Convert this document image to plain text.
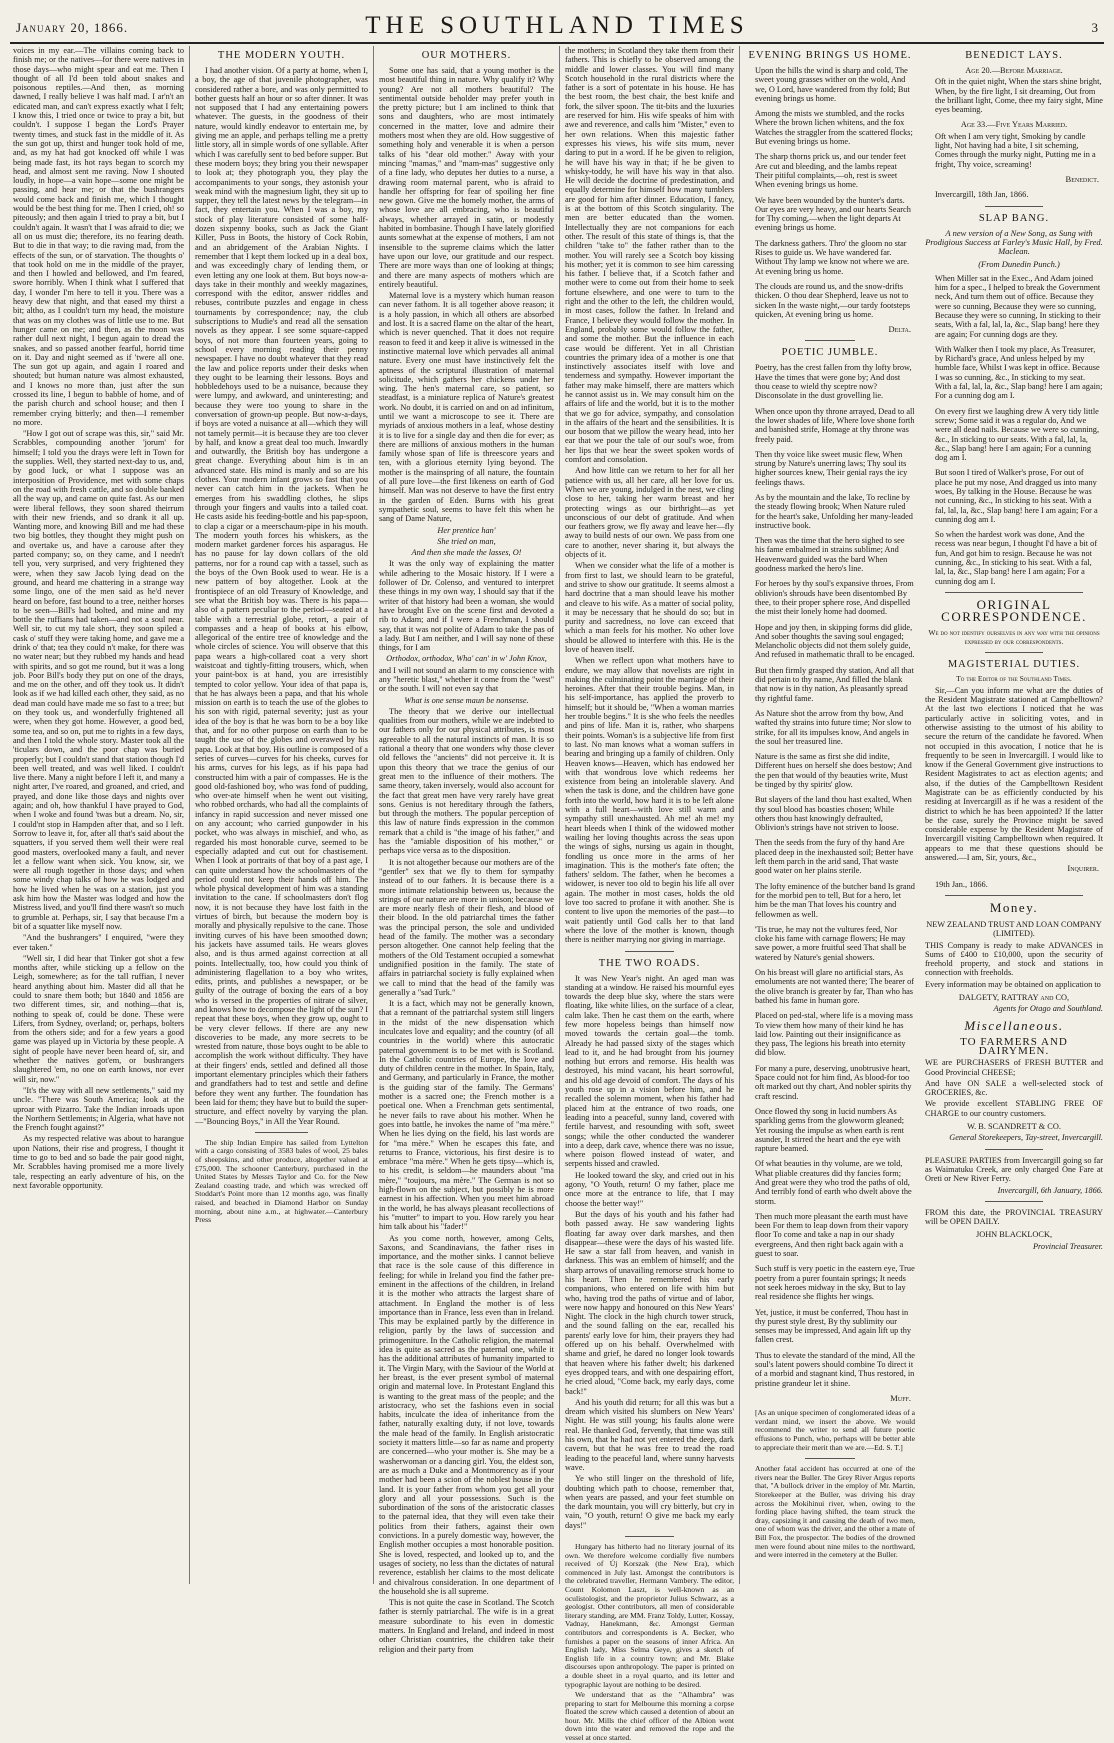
January 20, 1866.	THE SOUTHLAND TIMES	3

voices in my ear.—The villains coming back to finish me; or the natives—for there were natives in those days—who might spear and eat me. Then I thought of all I'd been told about snakes and poisonous reptiles.—And then, as morning dawned, I really believe I was half mad. I ar'n't an edicated man, and can't express exactly what I felt; I know this, I tried once or twice to pray a bit, but couldn't. I suppose I began the Lord's Prayer twenty times, and stuck fast in the middle of it. As the sun got up, thirst and hunger took hold of me, and, as my hat had got knocked off while I was being made fast, its hot rays began to scorch my head, and almost sent me raving. Now I shouted loudly, in hope—a vain hope—some one might be passing, and hear me; or that the bushrangers would come back and finish me, which I thought would be the best thing for me. Then I cried, oh! so piteously; and then again I tried to pray a bit, but I couldn't again. It wasn't that I was afraid to die; we all on us must die; therefore, its no fearing death. But to die in that way; to die raving mad, from the effects of the sun, or of starvation. The thoughts o' that took hold on me in the middle of the prayer, and then I howled and bellowed, and I'm feared, swore horribly. When I think what I suffered that day, I wonder I'm here to tell it you. There was a heavy dew that night, and that eased my thirst a bit; altho, as I couldn't turn my head, the moisture that was on my clothes was of little use to me. But hunger came on me; and then, as the moon was rather dull next night, I begun again to dread the snakes, and so passed another fearful, horrid time on it. Day and night seemed as if 'twere all one. The sun got up again, and again I roared and shouted; but human nature was almost exhausted, and I knows no more than, just after the sun crossed its line, I begun to babble of home, and of the parish church and school house; and then I remember crying bitterly; and then—I remember no more.

"How I got out of scrape was this, sir," said Mr. Scrabbles, compounding another 'jorum' for himself; I told you the drays were left in Town for the supplies. Well, they started next-day to us, and, by good luck, or what I suppose was an interposition of Providence, met with some chaps on the road with fresh cattle, and so double banked all the way up, and came on quite fast. As our men were liberal fellows, they soon shared theirrum with their new friends, and so drank it all up. Wanting more, and knowing Bill and me had these two big bottles, they thought they might push on and overtake us, and have a carouse after they parted company; so, on they came, and I needn't tell you, very surprised, and very frightened they were, when they saw Jacob lying dead on the ground, and heard me chattering in a strange way some lingo, one of the men said as he'd never heard on before, fast bound to a tree, neither horses to be seen—Bill's had bolted, and mine and my bottle the ruffians had taken—and not a soul near. Well sir, to cut my tale short, they soon spiled a cask o' stuff they were taking home, and gave me a drink o' that; tea they could n't make, for there was no water near; but they rubbed my hands and head with spirits, and so got me round, but it was a long job. Poor Bill's body they put on one of the drays, and me on the other, and off they took us. It didn't look as if we had killed each other, they said, as no dead man could have made me so fast to a tree; but on they took us, and wonderfully frightened all were, when they got home. However, a good bed, some tea, and so on, put me to rights in a few days, and then I told the whole story. Master took all the 'ticulars down, and the poor chap was buried properly; but I couldn't stand that station though I'd been well treated, and was well liked. I couldn't live there. Many a night before I left it, and many a night arter, I've roared, and groaned, and cried, and prayed, and done like those days and nights over again; and oh, how thankful I have prayed to God, when I woke and found 'twas but a dream. No, sir, I could'nt stop in Hampden after that, and so I left. Sorrow to leave it, for, after all that's said about the squatters, if you served them well their were real good masters, overlooked many a fault, and never let a fellow want when sick. You know, sir, we were all rough together in those days; and when some windy chap talks of how he was lodged and how he lived when he was on a station, just you ask him how the Master was lodged and how the Mistress lived, and you'll find there wasn't so much to grumble at. Perhaps, sir, I say that because I'm a bit of a squatter like myself now.

"And the bushrangers" I enquired, "were they ever taken."

"Well sir, I did hear that Tinker got shot a few months after, while sticking up a fellow on the Leigh, somewhere; as for the tall ruffian, I never heard anything about him. Master did all that he could to snare them both; but 1840 and 1856 are two different times, sir, and nothing—that is, nothing to speak of, could be done. These were Lifers, from Sydney, overland; or, perhaps, bolters from the others side; and for a few years a good game was played up in Victoria by these people. A sight of people have never been heard of, sir, and whether the natives got'em, or bushrangers slaughtered 'em, no one on earth knows, nor ever will sir, now."

"It's the way with all new settlements," said my uncle. "There was South America; look at the uproar with Pizarro. Take the Indian inroads upon the Northern Settlements; in Algeria, what have not the French fought against?"

As my respected relative was about to harangue upon Nations, their rise and progress, I thought it time to go to bed and so bade the pair good night, Mr. Scrabbles having promised me a more lively tale, respecting an early adventure of his, on the next favorable opportunity.

THE MODERN YOUTH.

I had another vision. Of a party at home, when I, a boy, the age of that juvenile photographer, was considered rather a bore, and was only permitted to bother guests half an hour or so after dinner. It was not supposed that I had any entertaining powers whatever. The guests, in the goodness of their nature, would kindly endeavor to entertain me, by giving me an apple, and perhaps telling me a pretty little story, all in simple words of one syllable. After which I was carefully sent to bed before supper. But these modern boys; they bring you their newspaper to look at; they photograph you, they play the accompaniments to your songs, they astonish your weak mind with the magnesium light, they sit up to supper, they tell the latest news by the telegram—in fact, they entertain you. When I was a boy, my stock of play literature consisted of some half-dozen sixpenny books, such as Jack the Giant Killer, Puss in Boots, the history of Cock Robin, and an abridgement of the Arabian Nights. I remember that I kept them locked up in a deal box, and was exceedingly chary of lending them, or even letting any one look at them. But boys now-a-days take in their monthly and weekly magazines, correspond with the editor, answer riddles and rebuses, contribute puzzles and engage in chess tournaments by correspondence; nay, the club subscriptions to Mudie's and read all the sensation novels as they appear. I see some square-capped boys, of not more than fourteen years, going to school every morning reading their penny newspaper. I have no doubt whatever that they read the law and police reports under their desks when they ought to be learning their lessons. Boys and hobbledehoys used to be a nuisance, because they were lumpy, and awkward, and uninteresting; and because they were too young to share in the conversation of grown-up people. But now-a-days, if boys are voted a nuisance at all—which they will not tamely permit—it is because they are too clever by half, and know a great deal too much. Inwardly and outwardly, the British boy has undergone a great change. Everything about him is in an advanced state. His mind is manly and so are his clothes. Your modern infant grows so fast that you never can catch him in the jackets. When he emerges from his swaddling clothes, he slips through your fingers and vaults into a tailed coat. He casts aside his feeding-bottle and his pap-spoon, to clap a cigar or a meerschaum-pipe in his mouth. The modern youth forces his whiskers, as the modern market gardener forces his asparagus. He has no pause for lay down collars of the old patterns, nor for a round cap with a tassel, such as the boys of the Own Book used to wear. He is a new pattern of boy altogether. Look at the frontispiece of an old Treasury of Knowledge, and see what the British boy was. There is his papa—also of a pattern peculiar to the period—seated at a table with a terrestrial globe, retort, a pair of compasses and a heap of books at his elbow, allegorical of the entire tree of knowledge and the whole circles of science. You will observe that this papa wears a high-collared coat a very short waistcoat and tightly-fitting trousers, which, when your paint-box is at hand, you are irresistibly tempted to color yellow. Your idea of that papa is, that he has always been a papa, and that his whole mission on earth is to teach the use of the globes to his son with rigid, paternal severity; just as your idea of the boy is that he was born to be a boy like that, and for no other purpose on earth than to be taught the use of the globes and overawed by his papa. Look at that boy. His outline is composed of a series of curves—curves for his cheeks, curves for his arms, curves for his legs, as if his papa had constructed him with a pair of compasses. He is the good old-fashioned boy, who was fond of pudding, who over-ate himself when he went out visiting, who robbed orchards, who had all the complaints of infancy in rapid succession and never missed one on any account; who carried gunpowder in his pocket, who was always in mischief, and who, as regarded his most honorable curve, seemed to be especially adapted and cut out for chastisement. When I look at portraits of that boy of a past age, I can quite understand how the schoolmasters of the period could not keep their hands off him. The whole physical development of him was a standing invitation to the cane. If schoolmasters don't flog now, it is not because they have lost faith in the virtues of birch, but because the modern boy is morally and physically repulsive to the cane. Those inviting curves of his have been smoothed down; his jackets have assumed tails. He wears gloves also, and is thus armed against correction at all points. Intellectually, too, how could you think of administering flagellation to a boy who writes, edits, prints, and publishes a newspaper, or be guilty of the outrage of boxing the ears of a boy who is versed in the properties of nitrate of silver, and knows how to decompose the light of the sun? I repeat that these boys, when they grow up, ought to be very clever fellows. If there are any new discoveries to be made, any more secrets to be wrested from nature, those boys ought to be able to accomplish the work without difficulty. They have at their fingers' ends, settled and defined all those important elementary principles which their fathers and grandfathers had to test and settle and define before they went any further. The foundation has been laid for them; they have but to build the super-structure, and effect novelty by varying the plan.—"Bouncing Boys," in All the Year Round.

The ship Indian Empire has sailed from Lyttelton with a cargo consisting of 3583 bales of wool, 25 bales of sheepskins, and other produce, altogether valued at £75,000. The schooner Canterbury, purchased in the United States by Messrs Taylor and Co. for the New Zealand coasting trade, and which was wrecked off Stoddart's Point more than 12 months ago, was finally raised, and beached in Diamond Harbor on Sunday morning, about nine a.m., at highwater.—Canterbury Press

OUR MOTHERS.

Some one has said, that a young mother is the most beautiful thing in nature. Why qualify it? Why young? Are not all mothers beautiful? The sentimental outside beholder may prefer youth in the pretty picture; but I am inclined to think that sons and daughters, who are most intimately concerned in the matter, love and admire their mothers most when they are old. How suggestive of something holy and venerable it is when a person talks of his "dear old mother." Away with your mincing "mamas," and "mam-mas" suggestive only of a fine lady, who deputes her duties to a nurse, a drawing room maternal parent, who is afraid to handle her offspring for fear of spoiling her fine new gown. Give me the homely mother, the arms of whose love are all embracing, who is beautiful always, whether arrayed in satin, or modestly habited in bombasine. Though I have lately glorified aunts somewhat at the expense of mothers, I am not insensible to the supreme claims which the latter have upon our love, our gratitude and our respect. There are more ways than one of looking at things; and there are many aspects of mothers which are entirely beautiful.

Maternal love is a mystery which human reason can never fathom. It is all together above reason; it is a holy passion, in which all others are absorbed and lost. It is a sacred flame on the altar of the heart, which is never quenched. That it does not require reason to feed it and keep it alive is witnessed in the instinctive maternal love which pervades all animal nature. Every one must have instinctively felt the aptness of the scriptural illustration of maternal solicitude, which gathers her chickens under her wing. The hen's maternal care, so patient, so steadfast, is a miniature replica of Nature's greatest work. No doubt, it is carried on and on ad infinitum, until we want a microscope to see it. There are myriads of anxious mothers in a leaf, whose destiny it is to live for a single day and then die for ever; as there are millions of anxious mothers in the human family whose span of life is threescore years and ten, with a glorious eternity lying beyond. The mother is the mainspring of all nature, the fountain of all pure love—the first likeness on earth of God himself. Man was not deserve to have the first entry in the garden of Eden. Burns with his great sympathetic soul, seems to have felt this when he sang of Dame Nature,

Her prentice han'

She tried on man,

And then she made the lasses, O!

It was the only way of explaining the matter while adhering to the Mosaic history. If I were a follower of Dr. Colenso, and ventured to interpret these things in my own way, I should say that if the writer of that history had been a woman, she would have brought Eve on the scene first and devoted a rib to Adam; and if I were a Frenchman, I should say, that it was not polite of Adam to take the pas of a lady. But I am neither, and I will say none of these things, for I am

Orthodox, orthodox, Wha' can' in w' John Knox,

and I will not sound an alarm to my conscience with any "heretic blast," whether it come from the "west" or the south. I will not even say that

What is one sense maun be nonsense.

The theory that we derive our intellectual qualities from our mothers, while we are indebted to our fathers only for our physical attributes, is most agreeable to all the natural instincts of man. It is so rational a theory that one wonders why those clever old fellows the "ancients" did not perceive it. It is upon this theory that we trace the genius of our great men to the influence of their mothers. The same theory, taken inversely, would also account for the fact that great men have very rarely have great sons. Genius is not hereditary through the fathers, but through the mothers. The popular perception of this law of nature finds expression in the common remark that a child is "the image of his father," and has the "amiable disposition of his mother," or perhaps vice versa as to the disposition.

It is not altogether because our mothers are of the "gentler" sex that we fly to them for sympathy instead of to our fathers. It is because there is a more intimate relationship between us, because the strings of our nature are more in unison; because we are more nearly flesh of their flesh, and blood of their blood. In the old patriarchal times the father was the principal person, the sole and undivided head of the family. The mother was a secondary person altogether. One cannot help feeling that the mothers of the Old Testament occupied a somewhat undignified position in the family. The state of affairs in patriarchal society is fully explained when we call to mind that the head of the family was generally a "sad Turk."

It is a fact, which may not be generally known, that a remnant of the patriarchal system still lingers in the midst of the new dispensation which inculcates love and equality; and the country (of all countries in the world) where this autocratic paternal government is to be met with is Scotland. In the Catholic countries of Europe, the love and duty of children centre in the mother. In Spain, Italy, and Germany, and particularly in France, the mother is the guiding star of the family. The Germans' mother is a sacred one; the French mother is a poetical one. When a Frenchman gets sentimental, he never fails to rave about his mother. When he goes into battle, he invokes the name of "ma mère." When he lies dying on the field, his last words are for "ma mère." When he escapes this fate, and returns to France, victorious, his first desire is to embrace "ma mère." When he gets tipsy—which is, to his credit, is seldom—he maunders about "ma mère," "toujours, ma mère." The German is not so high-flown on the subject, but possibly he is more earnest in his affection. When you meet him abroad in the world, he has always pleasant recollections of his "mutter" to impart to you. How rarely you hear him talk about his "fader!"

As you come north, however, among Celts, Saxons, and Scandinavians, the father rises in importance, and the mother sinks. I cannot believe that race is the sole cause of this difference in feeling; for while in Ireland you find the father pre-eminent in the affections of the children, in Ireland it is the mother who attracts the largest share of attachment. In England the mother is of less importance than in France, less even than in Ireland. This may be explained partly by the difference in religion, partly by the laws of succession and primogeniture. In the Catholic religion, the maternal idea is quite as sacred as the paternal one, while it has the additional attributes of humanity imparted to it. The Virgin Mary, with the Saviour of the World at her breast, is the ever present symbol of maternal origin and maternal love. In Protestant England this is wanting to the great mass of the people; and the aristocracy, who set the fashions even in social habits, inculcate the idea of inheritance from the father, naturally exalting duty, if not love, towards the male head of the family. In English aristocratic society it matters little—so far as name and property are concerned—who your mother is. She may be a washerwoman or a dancing girl. You, the eldest son, are as much a Duke and a Montmorency as if your mother had been a scion of the noblest house in the land. It is your father from whom you get all your glory and all your possessions. Such is the subordination of the sons of the aristocratic classes to the paternal idea, that they will even take their politics from their fathers, against their own convictions. In a purely domestic way, however, the English mother occupies a most honorable position. She is loved, respected, and looked up to, and the usages of society, no less than the dictates of natural reverence, establish her claims to the most delicate and chivalrous consideration. In one department of the household she is all supreme.

This is not quite the case in Scotland. The Scotch father is sternly patriarchal. The wife is in a great measure subordinate to his even in domestic matters. In England and Ireland, and indeed in most other Christian countries, the children take their religion and their party from

the mothers; in Scotland they take them from their fathers. This is chiefly to be observed among the middle and lower classes. You will find many Scotch household in the rural districts where the father is a sort of potentate in his house. He has the best room, the best chair, the best knife and fork, the silver spoon. The tit-bits and the luxuries are reserved for him. His wife speaks of him with awe and reverence, and calls him "Mister," even to her own relations. When this majestic father expresses his views, his wife sits mum, never daring to put in a word. If he be given to religion, he will have his way in that; if he be given to whisky-toddy, he will have his way in that also. He will decide the doctrine of predestination, and equally determine for himself how many tumblers are good for him after dinner. Education, I fancy, is at the bottom of this Scotch singularity. The men are better educated than the women. Intellectually they are not companions for each other. The result of this state of things is, that the children "take to" the father rather than to the mother. You will rarely see a Scotch boy kissing his mother; yet it is common to see him caressing his father. I believe that, if a Scotch father and mother were to come out from their home to seek fortune elsewhere, and one were to turn to the right and the other to the left, the children would, in most cases, follow the father. In Ireland and France, I believe they would follow the mother. In England, probably some would follow the father, and some the mother. But the influence in each case would be different. Yet in all Christian countries the primary idea of a mother is one that instinctively associates itself with love and tenderness and sympathy. However important the father may make himself, there are matters which he cannot assist us in. We may consult him on the affairs of life and the world, but it is to the mother that we go for advice, sympathy, and consolation in the affairs of the heart and the sensibilities. It is our bosom that we pillow the weary head, into her ear that we pour the tale of our soul's woe, from her lips that we hear the sweet spoken words of comfort and consolation.

And how little can we return to her for all her patience with us, all her care, all her love for us. When we are young, indulged in the nest, we cling close to her, taking her warm breast and her protecting wings as our birthright—as yet unconscious of our debt of gratitude. And when our feathers grow, we fly away and leave her—fly away to build nests of our own. We pass from one care to another, never sharing it, but always the objects of it.

When we consider what the life of a mother is from first to last, we should learn to be grateful, and strive to show our gratitude. It seems almost a hard doctrine that a man should leave his mother and cleave to his wife. As a matter of social polity, it may be necessary that he should do so; but in purity and sacredness, no love can exceed that which a man feels for his mother. No other love should be allowed to interfere with this. He is the love of heaven itself.

When we reflect upon what mothers have to endure, we may allow that novelists are right in making the culminating point the marriage of their heroines. After that their trouble begins. Man, in his self-importance, has applied the proverb to himself; but it should be, "When a woman marries her trouble begins." It is she who feels the needles and pins of life. Man it is, rather, who sharpens their points. Woman's is a subjective life from first to last. No man knows what a woman suffers in bearing and bringing up a family of children. Only Heaven knows—Heaven, which has endowed her with that wondrous love which redeems her existence from being an intolerable slavery. And when the task is done, and the children have gone forth into the world, how hard it is to be left alone with a full heart—with love still warm and sympathy still unexhausted. Ah me! ah me! my heart bleeds when I think of the widowed mother wailing her loving thoughts across the seas upon the wings of sighs, nursing us again in thought, fondling us once more in the arms of her imagination. This is the mother's fate often; the fathers' seldom. The father, when he becomes a widower, is never too old to begin his life all over again. The mother in most cases, holds the old love too sacred to profane it with another. She is content to live upon the memories of the past—to wait patiently until God calls her to that land where the love of the mother is known, though there is neither marrying nor giving in marriage.

THE TWO ROADS.

It was New Year's night. An aged man was standing at a window. He raised his mournful eyes towards the deep blue sky, where the stars were floating, like white lilies, on the surface of a clear, calm lake. Then he cast them on the earth, where few more hopeless beings than himself now moved towards the certain goal—the tomb. Already he had passed sixty of the stages which lead to it, and he had brought from his journey nothing but errors and remorse. His health was destroyed, his mind vacant, his heart sorrowful, and his old age devoid of comfort. The days of his youth rose up in a vision before him, and he recalled the solemn moment, when his father had placed him at the entrance of two roads, one leading into a peaceful, sunny land, covered with fertile harvest, and resounding with soft, sweet songs; while the other conducted the wanderer into a deep, dark cave, whence there was no issue, where poison flowed instead of water, and serpents hissed and crawled.

He looked toward the sky, and cried out in his agony, "O Youth, return! O my father, place me once more at the entrance to life, that I may choose the better way!"

But the days of his youth and his father had both passed away. He saw wandering lights floating far away over dark marshes, and then disappear—these were the days of his wasted life. He saw a star fall from heaven, and vanish in darkness. This was an emblem of himself; and the sharp arrows of unavailing remorse struck home to his heart. Then he remembered his early companions, who entered on life with him but who, having trod the paths of virtue and of labor, were now happy and honoured on this New Years' Night. The clock in the high church tower struck, and the sound falling on the ear, recalled his parents' early love for him, their prayers they had offered up on his behalf. Overwhelmed with shame and grief, he dared no longer look towards that heaven where his father dwelt; his darkened eyes dropped tears, and with one despairing effort, he cried aloud, "Come back, my early days, come back!"

And his youth did return; for all this was but a dream which visited his slumbers on New Years' Night. He was still young; his faults alone were real. He thanked God, fervently, that time was still his own, that he had not yet entered the deep, dark cavern, but that he was free to tread the road leading to the peaceful land, where sunny harvests wave.

Ye who still linger on the threshold of life, doubting which path to choose, remember that, when years are passed, and your feet stumble on the dark mountain, you will cry bitterly, but cry in vain, "O youth, return! O give me back my early days!"

Hungary has hitherto had no literary journal of its own. We therefore welcome cordially five numbers received of Új Korszak (the New Era), which commenced in July last. Amongst the contributors is the celebrated traveller, Hermann Vambery. The editor, Count Kolomon Laszt, is well-known as an oculistologist, and the proprietor Julius Schwarz, as a geologist. Other contributors, all men of considerable literary standing, are MM. Franz Toldy, Lutter, Kossay, Vadnay, Hanekmann, &c. Amongst German contributors and correspondents is A. Becker, who furnishes a paper on the seasons of inner Africa. An English lady, Miss Selma Geye, gives a sketch of English life in a country town; and Mr. Blake discourses upon anthropology. The paper is printed on a double sheet in a royal quarto, and its letter and typographic layout are nothing to be desired.

We understand that as the "Alhambra" was preparing to start for Melbourne this morning a corpse floated the screw which caused a detention of about an hour. Mr. Mills the chief officer of the Albion went down into the water and removed the rope and the vessel at once started.

BENEDICT LAYS.

Age 20.—Before Marriage.

Oft in the quiet night, When the stars shine bright, When, by the fire light, I sit dreaming, Out from the brilliant light, Come, thee my fairy sight, Mine eyes beaming.

Age 33.—Five Years Married.

Oft when I am very tight, Smoking by candle light, Not having had a bite, I sit scheming, Comes through the murky night, Putting me in a fright, Thy voice, screaming!

Benedict.

Invercargill, 18th Jan, 1866.

SLAP BANG.

A new version of a New Song, as Sung with Prodigious Success at Farley's Music Hall, by Fred. Maclean.

(From Dunedin Punch.)

When Miller sat in the Exec., And Adam joined him for a spec., I helped to break the Government neck, And turn them out of office. Because they were so cunning, Because they were so cunning, Because they were so cunning, In sticking to their seats, With a fal, lal, la, &c., Slap bang! here they are again; For cunning dogs are they.

With Walker then I took my place, As Treasurer, by Richard's grace, And unless helped by my humble face, Whilst I was kept in office. Because I was so cunning, &c., In sticking to my seat. With a fal, lal, la, &c., Slap bang! here I am again; For a cunning dog am I.

On every first we laughing drew A very tidy little screw; Some said it was a regular do, And we were all dead nails. Because we were so cunning, &c., In sticking to our seats. With a fal, lal, la, &c., Slap bang! here I am again; For a cunning dog am I.

But soon I tired of Walker's prose, For out of place he put my nose, And dragged us into many woes, By talking in the House. Because he was not cunning, &c., In sticking to his seat. With a fal, lal, la, &c., Slap bang! here I am again; For a cunning dog am I.

So when the hardest work was done, And the recess was near begun, I thought I'd have a bit of fun, And got him to resign. Because he was not cunning, &c., In sticking to his seat. With a fal, lal, la, &c., Slap bang! here I am again; For a cunning dog am I.

ORIGINAL CORRESPONDENCE.

We do not identify ourselves in any way with the opinions expressed by our correspondents.

MAGISTERIAL DUTIES.

To the Editor of the Southland Times.

Sir,—Can you inform me what are the duties of the Resident Magistrate stationed at Campbelltown? At the last two elections I noticed that he was particularly active in soliciting votes, and in otherwise assisting to the utmost of his ability to secure the return of the candidate he favored. When not occupied in this avocation, I notice that he is frequently to be seen in Invercargill. I would like to know if the General Government give instructions to Resident Magistrates to act as election agents; and also, if the duties of the Campbelltown Resident Magistrate can be as efficiently conducted by his residing at Invercargill as if he was a resident of the district to which he has been appointed? If the latter be the case, surely the Province might be saved considerable expense by the Resident Magistrate of Invercargill visiting Campbelltown when required. It appears to me that these questions should be answered.—I am, Sir, yours, &c.,

Inquirer.

19th Jan., 1866.

Money.

NEW ZEALAND TRUST AND LOAN COMPANY (LIMITED).

THIS Company is ready to make ADVANCES in Sums of £400 to £10,000, upon the security of freehold property, and stock and stations in connection with freeholds.

Every information may be obtained on application to

DALGETY, RATTRAY and CO,

Agents for Otago and Southland.

Miscellaneous.

TO FARMERS AND DAIRYMEN.

WE are PURCHASERS of FRESH BUTTER and Good Provincial CHEESE;

And have ON SALE a well-selected stock of GROCERIES, &c.

We provide excellent STABLING FREE OF CHARGE to our country customers.

W. B. SCANDRETT & CO.

General Storekeepers, Tay-street, Invercargill.

PLEASURE PARTIES from Invercargill going so far as Waimatuku Creek, are only charged One Fare at Oreti or New River Ferry.

Invercargill, 6th January, 1866.

FROM this date, the PROVINCIAL TREASURY will be OPEN DAILY.

JOHN BLACKLOCK,

Provincial Treasurer.

EVENING BRINGS US HOME.

Upon the hills the wind is sharp and cold, The sweet young grasses wither on the wold, And we, O Lord, have wandered from thy fold; But evening brings us home.

Among the mists we stumbled, and the rocks Where the brown lichen whitens, and the fox Watches the straggler from the scattered flocks; But evening brings us home.

The sharp thorns prick us, and our tender feet Are cut and bleeding, and the lambs repeat Their pitiful complaints,—oh, rest is sweet When evening brings us home.

We have been wounded by the hunter's darts. Our eyes are very heavy, and our hearts Search for Thy coming,—when the light departs At evening brings us home.

The darkness gathers. Thro' the gloom no star Rises to guide us. We have wandered far. Without Thy lamp we know not where we are. At evening bring us home.

The clouds are round us, and the snow-drifts thicken. O thou dear Shepherd, leave us not to sicken In the waste night,—our tardy footsteps quicken, At evening bring us home.

Delta.
POETIC JUMBLE.

Poetry, has the crest fallen from thy lofty brow, Have the times that were gone by; And dost thou cease to wield thy sceptre now? Disconsolate in the dust grovelling lie.

When once upon thy throne arrayed, Dead to all the lower shades of life, Where love shone forth and banished strife, Homage at thy throne was freely paid.

Then thy voice like sweet music flew, When strung by Nature's unerring laws; Thy soul its higher sources knew, Their genial rays the icy feelings thaws.

As by the mountain and the lake, To recline by the steady flowing brook; When Nature ruled for the heart's sake, Unfolding her many-leaded instructive book.

Then was the time that the hero sighed to see his fame embalmed in strains sublime; And Heavenward guided was the bard When goodness marked the hero's line.

For heroes by thy soul's expansive throes, From oblivion's shrouds have been disentombed By thee, to their proper sphere rose, And dispelled the mist their lonely home had doomed.

Hope and joy then, in skipping forms did glide, And sober thoughts the saving soul engaged; Melancholic objects did not them solely guide, And refused in mathematic thrall to be encaged.

But then firmly grasped thy station, And all that did pertain to thy name, And filled the blank that now is in thy nation, As pleasantly spread thy rightful fame.

As Nature shot the arrow from thy bow, And wafted thy strains into future time; Nor slow to strike, for all its impulses know, And angels in the soul her treasured line.

Nature is the same as first she did indite, Different hues on herself she does bestow; And the pen that would of thy beauties write, Must be tinged by thy spirits' glow.

But slayers of the land thou hast exalted, When thy soul blood has boasties chosen; While others thou hast knowingly defraulted, Oblivion's strings have not striven to loose.

Then the seeds from the fury of thy hand Are placed deep in the inexhausted soil; Better have left them parch in the arid sand, That waste good water on her plains sterile.

The lofty eminence of the butcher band Is grand for the morbid pen to tell, But for a hero, let him be the man That loves his country and fellowmen as well.

'Tis true, he may not the vultures feed, Nor cloke his fame with carnage flowers; He may save power, a more fruitful seed That shall be watered by Nature's genial showers.

On his breast will glare no artificial stars, As emoluments are not wanted there; The bearer of the olive branch is greater by far, Than who has bathed his fame in human gore.

Placed on ped-stal, where life is a moving mass To view them how many of their kind he has laid low. Painting out their insignificance as they pass, The legions his breath into eternity did blow.

For many a pure, deserving, unobtrusive heart, Space could not for him find, As blood-for too oft marked out thy chart, And nobler spirits thy craft rescind.

Once flowed thy song in lucid numbers As sparkling gems from the glowworm gleaned; Yet rousing the impulse as when earth is rent asunder, It stirred the heart and the eye with rapture beamed.

Of what beauties in thy volume, are we told, What pliable creatures did thy fancies form; And great were they who trod the paths of old, And terribly fond of earth who dwelt above the storm.

Then much more pleasant the earth must have been For them to leap down from their vapory floor To come and take a nap in our shady evergreens, And then right back again with a guest to soar.

Such stuff is very poetic in the eastern eye, True poetry from a purer fountain springs; It needs not seek heroes midway in the sky, But to lay real residence she flights her wings.

Yet, justice, it must be conferred, Thou hast in thy purest style drest, By thy sublimity our senses may be impressed, And again lift up thy fallen crest.

Thus to elevate the standard of the mind, All the soul's latent powers should combine To direct it of a morbid and stagnant kind, Thus restored, in pristine grandeur let it shine.

Muff.

[As an unique specimen of conglomerated ideas of a verdant mind, we insert the above. We would recommend the writer to send all future poetic effusions to Punch, who, perhaps will be better able to appreciate their merit than we are.—Ed. S. T.]

Another fatal accident has occurred at one of the rivers near the Buller. The Grey River Argus reports that, "A bullock driver in the employ of Mr. Martin, Storekeeper at the Buller, was driving his dray across the Mokihinui river, when, owing to the fording place having shifted, the team struck the dray, capsizing it and causing the death of two men, one of whom was the driver, and the other a mate of Bill Fox, the prospector. The bodies of the drowned men were found about nine miles to the northward, and were interred in the cemetery at the Buller.
